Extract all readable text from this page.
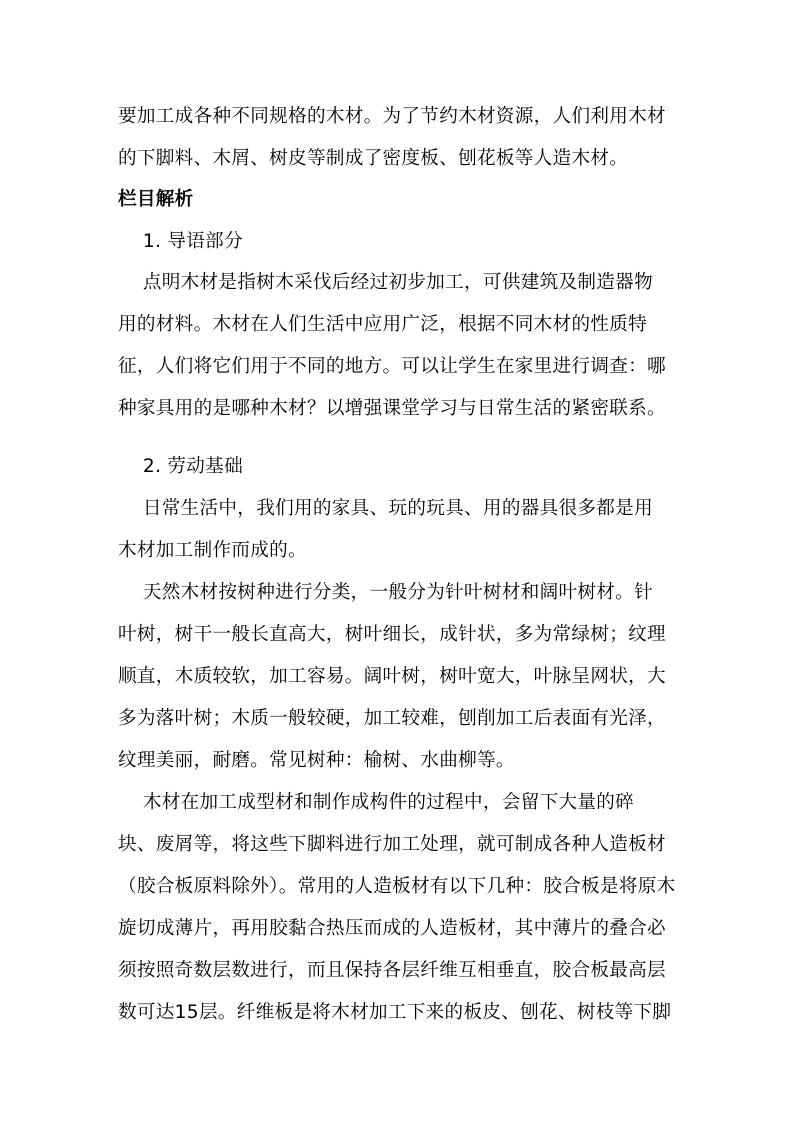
要加工成各种不同规格的木材。为了节约木材资源，人们利用木材
的下脚料、木屑、树皮等制成了密度板、刨花板等人造木材。
栏目解析
1. 导语部分
点明木材是指树木采伐后经过初步加工，可供建筑及制造器物
用的材料。木材在人们生活中应用广泛，根据不同木材的性质特
征，人们将它们用于不同的地方。可以让学生在家里进行调查：哪
种家具用的是哪种木材？以增强课堂学习与日常生活的紧密联系。
2. 劳动基础
日常生活中，我们用的家具、玩的玩具、用的器具很多都是用
木材加工制作而成的。
天然木材按树种进行分类，一般分为针叶树材和阔叶树材。针
叶树，树干一般长直高大，树叶细长，成针状，多为常绿树；纹理
顺直，木质较软，加工容易。阔叶树，树叶宽大，叶脉呈网状，大
多为落叶树；木质一般较硬，加工较难，刨削加工后表面有光泽，
纹理美丽，耐磨。常见树种：榆树、水曲柳等。
木材在加工成型材和制作成构件的过程中，会留下大量的碎
块、废屑等，将这些下脚料进行加工处理，就可制成各种人造板材
（胶合板原料除外）。常用的人造板材有以下几种：胶合板是将原木
旋切成薄片，再用胶黏合热压而成的人造板材，其中薄片的叠合必
须按照奇数层数进行，而且保持各层纤维互相垂直，胶合板最高层
数可达15层。纤维板是将木材加工下来的板皮、刨花、树枝等下脚
